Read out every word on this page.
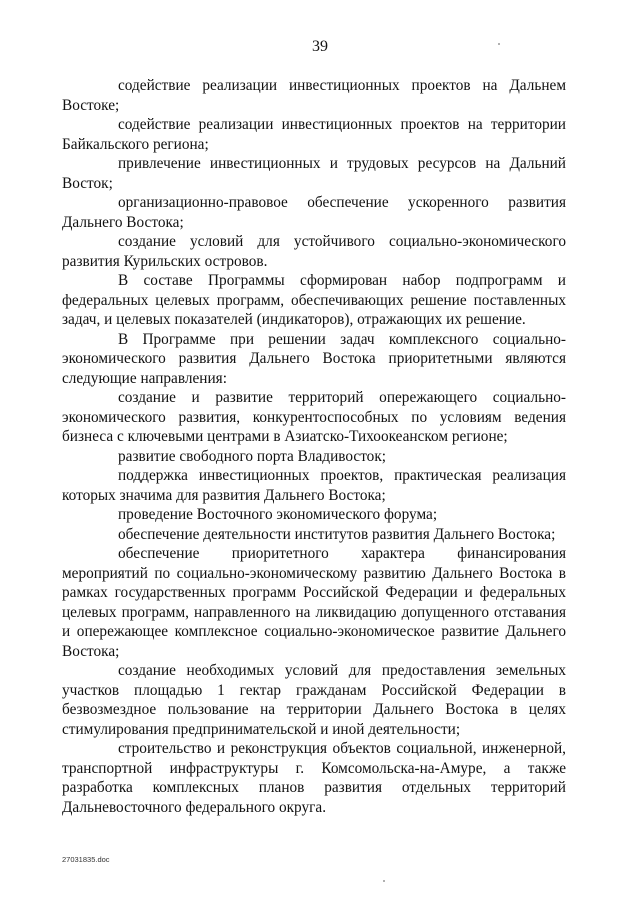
39

содействие реализации инвестиционных проектов на Дальнем Востоке;

содействие реализации инвестиционных проектов на территории Байкальского региона;

привлечение инвестиционных и трудовых ресурсов на Дальний Восток;

организационно-правовое обеспечение ускоренного развития Дальнего Востока;

создание условий для устойчивого социально-экономического развития Курильских островов.

В составе Программы сформирован набор подпрограмм и федеральных целевых программ, обеспечивающих решение поставленных задач, и целевых показателей (индикаторов), отражающих их решение.

В Программе при решении задач комплексного социально-экономического развития Дальнего Востока приоритетными являются следующие направления:

создание и развитие территорий опережающего социально-экономического развития, конкурентоспособных по условиям ведения бизнеса с ключевыми центрами в Азиатско-Тихоокеанском регионе;

развитие свободного порта Владивосток;

поддержка инвестиционных проектов, практическая реализация которых значима для развития Дальнего Востока;

проведение Восточного экономического форума;

обеспечение деятельности институтов развития Дальнего Востока;

обеспечение приоритетного характера финансирования мероприятий по социально-экономическому развитию Дальнего Востока в рамках государственных программ Российской Федерации и федеральных целевых программ, направленного на ликвидацию допущенного отставания и опережающее комплексное социально-экономическое развитие Дальнего Востока;

создание необходимых условий для предоставления земельных участков площадью 1 гектар гражданам Российской Федерации в безвозмездное пользование на территории Дальнего Востока в целях стимулирования предпринимательской и иной деятельности;

строительство и реконструкция объектов социальной, инженерной, транспортной инфраструктуры г. Комсомольска-на-Амуре, а также разработка комплексных планов развития отдельных территорий Дальневосточного федерального округа.

27031835.doc
